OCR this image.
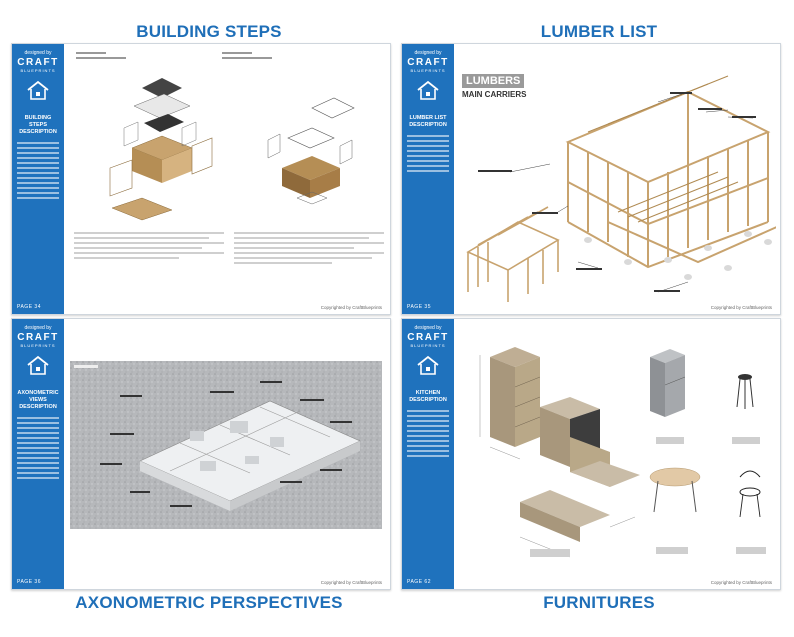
BUILDING STEPS	LUMBER LIST
AXONOMETRIC PERSPECTIVES	FURNITURES
designed by
CRAFT
BLUEPRINTS
BUILDING STEPS DESCRIPTION
PAGE 34	Copyrighted by CraftBlueprints
designed by
CRAFT
BLUEPRINTS
LUMBER LIST DESCRIPTION
PAGE 35
LUMBERS
MAIN CARRIERS
Copyrighted by CraftBlueprints
designed by
CRAFT
BLUEPRINTS
AXONOMETRIC VIEWS DESCRIPTION
PAGE 36	Copyrighted by CraftBlueprints
designed by
CRAFT
BLUEPRINTS
KITCHEN DESCRIPTION
PAGE 62	Copyrighted by CraftBlueprints
